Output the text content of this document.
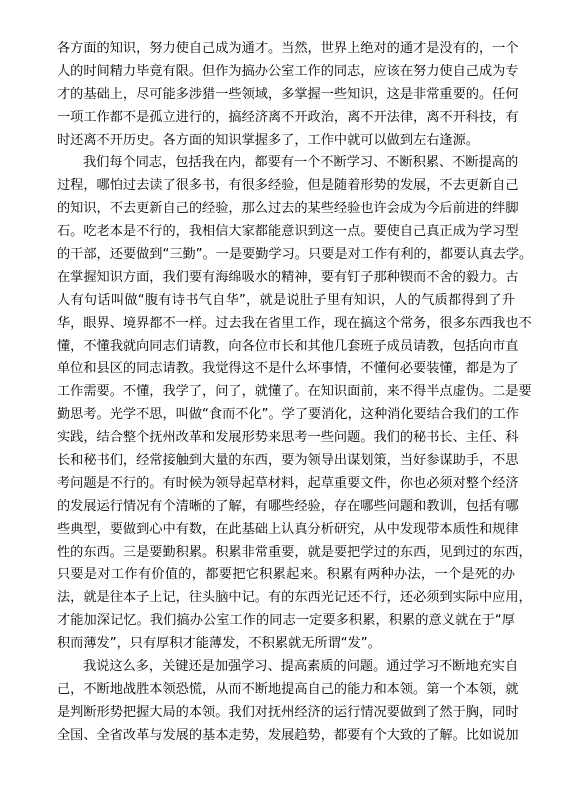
各方面的知识，努力使自己成为通才。当然，世界上绝对的通才是没有的，一个
人的时间精力毕竟有限。但作为搞办公室工作的同志，应该在努力使自己成为专
才的基础上，尽可能多涉猎一些领域，多掌握一些知识，这是非常重要的。任何
一项工作都不是孤立进行的，搞经济离不开政治，离不开法律，离不开科技，有
时还离不开历史。各方面的知识掌握多了，工作中就可以做到左右逢源。
我们每个同志，包括我在内，都要有一个不断学习、不断积累、不断提高的
过程，哪怕过去读了很多书，有很多经验，但是随着形势的发展，不去更新自己
的知识，不去更新自己的经验，那么过去的某些经验也许会成为今后前进的绊脚
石。吃老本是不行的，我相信大家都能意识到这一点。要使自己真正成为学习型
的干部，还要做到“三勤”。一是要勤学习。只要是对工作有利的，都要认真去学。
在掌握知识方面，我们要有海绵吸水的精神，要有钉子那种锲而不舍的毅力。古
人有句话叫做“腹有诗书气自华”，就是说肚子里有知识，人的气质都得到了升
华，眼界、境界都不一样。过去我在省里工作，现在搞这个常务，很多东西我也不
懂，不懂我就向同志们请教，向各位市长和其他几套班子成员请教，包括向市直
单位和县区的同志请教。我觉得这不是什么坏事情，不懂何必要装懂，都是为了
工作需要。不懂，我学了，问了，就懂了。在知识面前，来不得半点虚伪。二是要
勤思考。光学不思，叫做“食而不化”。学了要消化，这种消化要结合我们的工作
实践，结合整个抚州改革和发展形势来思考一些问题。我们的秘书长、主任、科
长和秘书们，经常接触到大量的东西，要为领导出谋划策，当好参谋助手，不思
考问题是不行的。有时候为领导起草材料，起草重要文件，你也必须对整个经济
的发展运行情况有个清晰的了解，有哪些经验，存在哪些问题和教训，包括有哪
些典型，要做到心中有数，在此基础上认真分析研究，从中发现带本质性和规律
性的东西。三是要勤积累。积累非常重要，就是要把学过的东西，见到过的东西，
只要是对工作有价值的，都要把它积累起来。积累有两种办法，一个是死的办
法，就是往本子上记，往头脑中记。有的东西光记还不行，还必须到实际中应用，
才能加深记忆。我们搞办公室工作的同志一定要多积累，积累的意义就在于“厚
积而薄发”，只有厚积才能薄发，不积累就无所谓“发”。
我说这么多，关键还是加强学习、提高素质的问题。通过学习不断地充实自
己，不断地战胜本领恐慌，从而不断地提高自己的能力和本领。第一个本领，就
是判断形势把握大局的本领。我们对抚州经济的运行情况要做到了然于胸，同时
全国、全省改革与发展的基本走势，发展趋势，都要有个大致的了解。比如说加
